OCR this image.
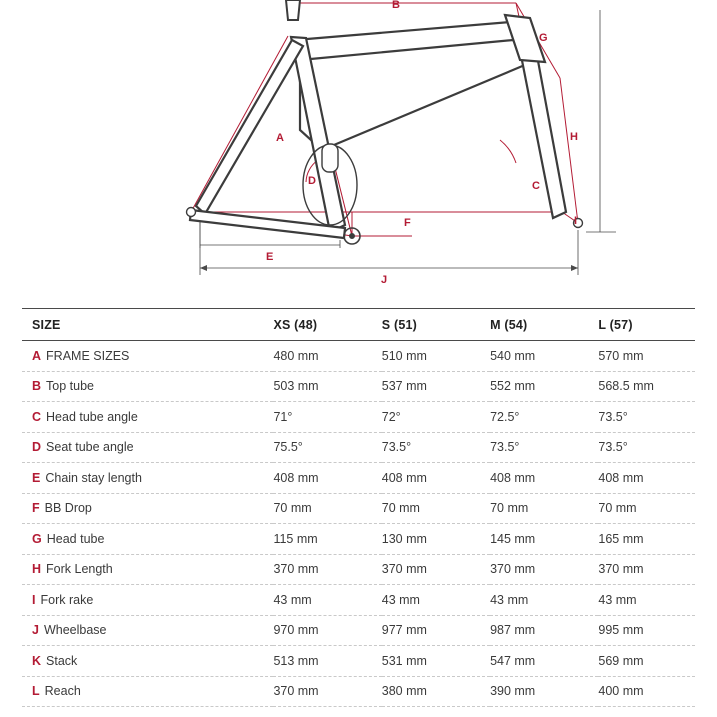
A
B
C
D
E
F
G
H
I
J
SIZE	XS (48)	S (51)	M (54)	L (57)
A FRAME SIZES	480 mm	510 mm	540 mm	570 mm
B Top tube	503 mm	537 mm	552 mm	568.5 mm
C Head tube angle	71°	72°	72.5°	73.5°
D Seat tube angle	75.5°	73.5°	73.5°	73.5°
E Chain stay length	408 mm	408 mm	408 mm	408 mm
F BB Drop	70 mm	70 mm	70 mm	70 mm
G Head tube	115 mm	130 mm	145 mm	165 mm
H Fork Length	370 mm	370 mm	370 mm	370 mm
I Fork rake	43 mm	43 mm	43 mm	43 mm
J Wheelbase	970 mm	977 mm	987 mm	995 mm
K Stack	513 mm	531 mm	547 mm	569 mm
L Reach	370 mm	380 mm	390 mm	400 mm
